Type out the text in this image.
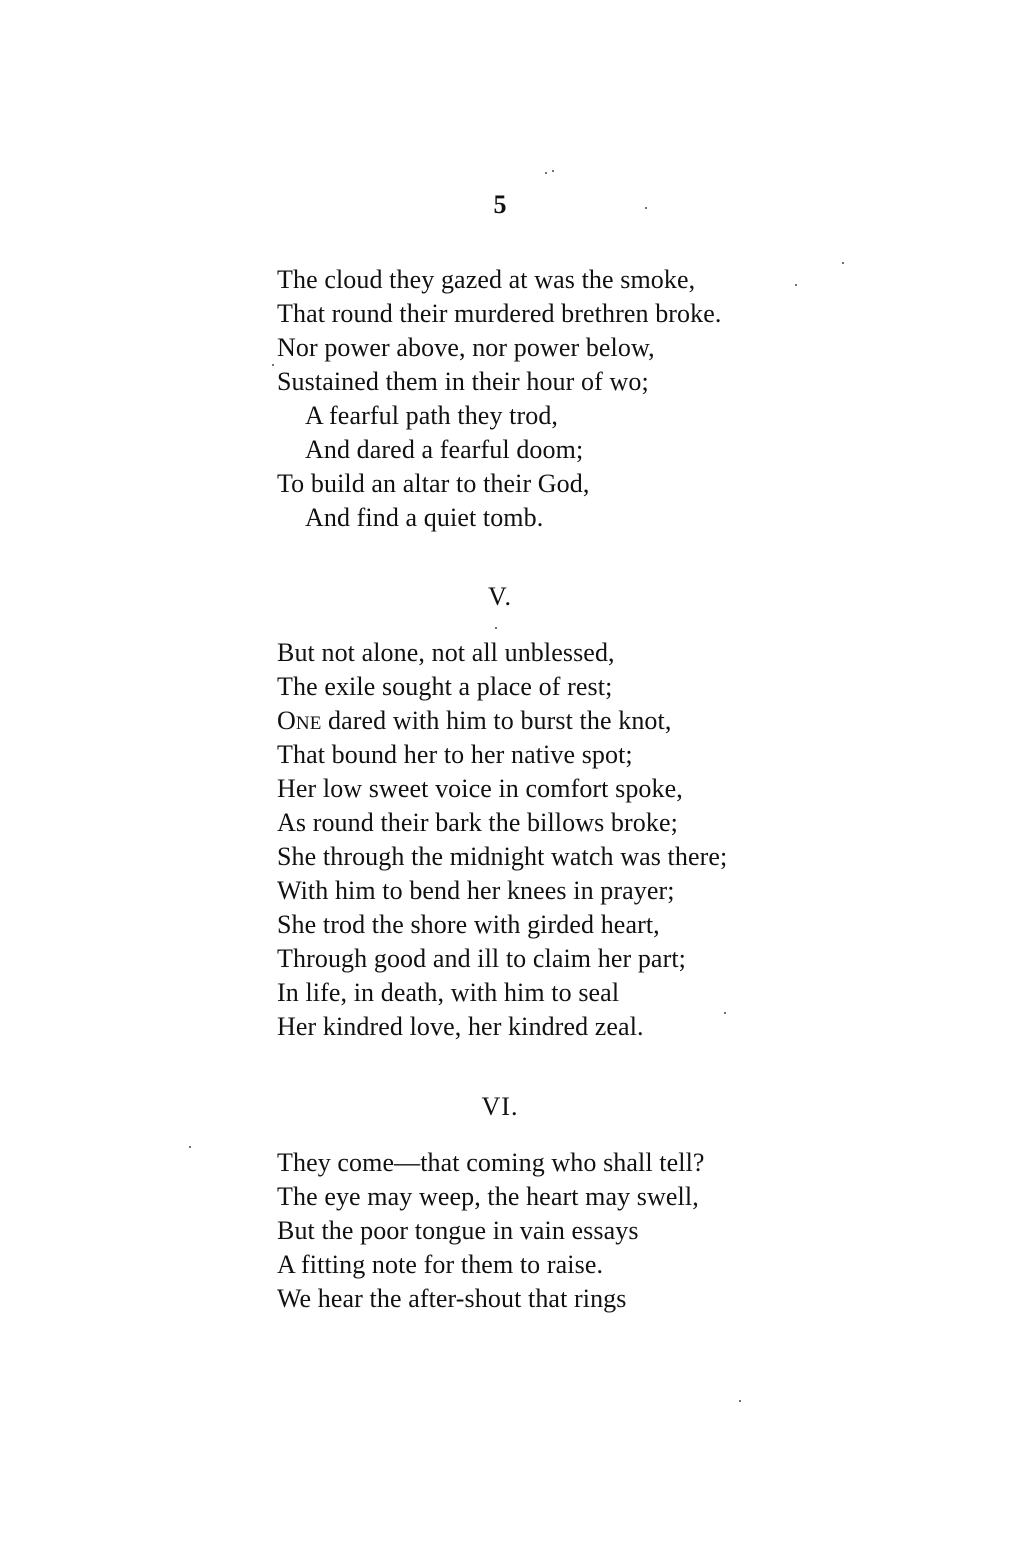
5
The cloud they gazed at was the smoke,
That round their murdered brethren broke.
Nor power above, nor power below,
Sustained them in their hour of wo;
A fearful path they trod,
And dared a fearful doom;
To build an altar to their God,
And find a quiet tomb.
V.
But not alone, not all unblessed,
The exile sought a place of rest;
ONE dared with him to burst the knot,
That bound her to her native spot;
Her low sweet voice in comfort spoke,
As round their bark the billows broke;
She through the midnight watch was there;
With him to bend her knees in prayer;
She trod the shore with girded heart,
Through good and ill to claim her part;
In life, in death, with him to seal
Her kindred love, her kindred zeal.
VI.
They come—that coming who shall tell?
The eye may weep, the heart may swell,
But the poor tongue in vain essays
A fitting note for them to raise.
We hear the after-shout that rings
